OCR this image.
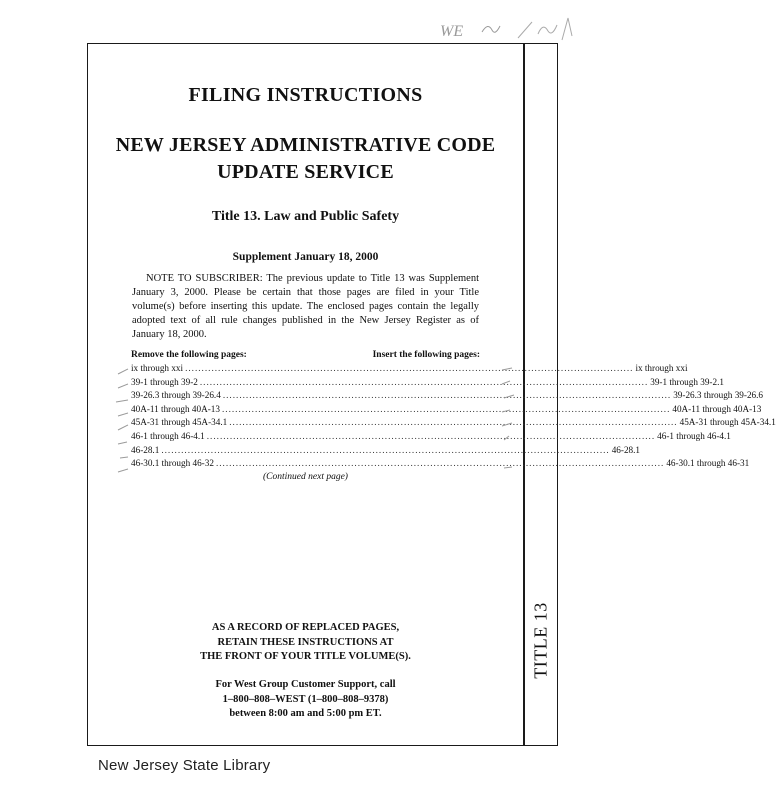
WE
TITLE 13
FILING INSTRUCTIONS
NEW JERSEY ADMINISTRATIVE CODE
UPDATE SERVICE
Title 13. Law and Public Safety
Supplement January 18, 2000
NOTE TO SUBSCRIBER: The previous update to Title 13 was Supplement January 3, 2000. Please be certain that those pages are filed in your Title volume(s) before inserting this update. The enclosed pages contain the legally adopted text of all rule changes published in the New Jersey Register as of January 18, 2000.
Remove the following pages:	Insert the following pages:
ix through xxi ........................................................................................................................................ ix through xxi
39-1 through 39-2 ........................................................................................................................................ 39-1 through 39-2.1
39-26.3 through 39-26.4 ........................................................................................................................................ 39-26.3 through 39-26.6
40A-11 through 40A-13 ........................................................................................................................................ 40A-11 through 40A-13
45A-31 through 45A-34.1 ........................................................................................................................................ 45A-31 through 45A-34.1
46-1 through 46-4.1 ........................................................................................................................................ 46-1 through 46-4.1
46-28.1 ........................................................................................................................................ 46-28.1
46-30.1 through 46-32 ........................................................................................................................................ 46-30.1 through 46-31
(Continued next page)
AS A RECORD OF REPLACED PAGES,
RETAIN THESE INSTRUCTIONS AT
THE FRONT OF YOUR TITLE VOLUME(S).
For West Group Customer Support, call
1–800–808–WEST (1–800–808–9378)
between 8:00 am and 5:00 pm ET.
New Jersey State Library
